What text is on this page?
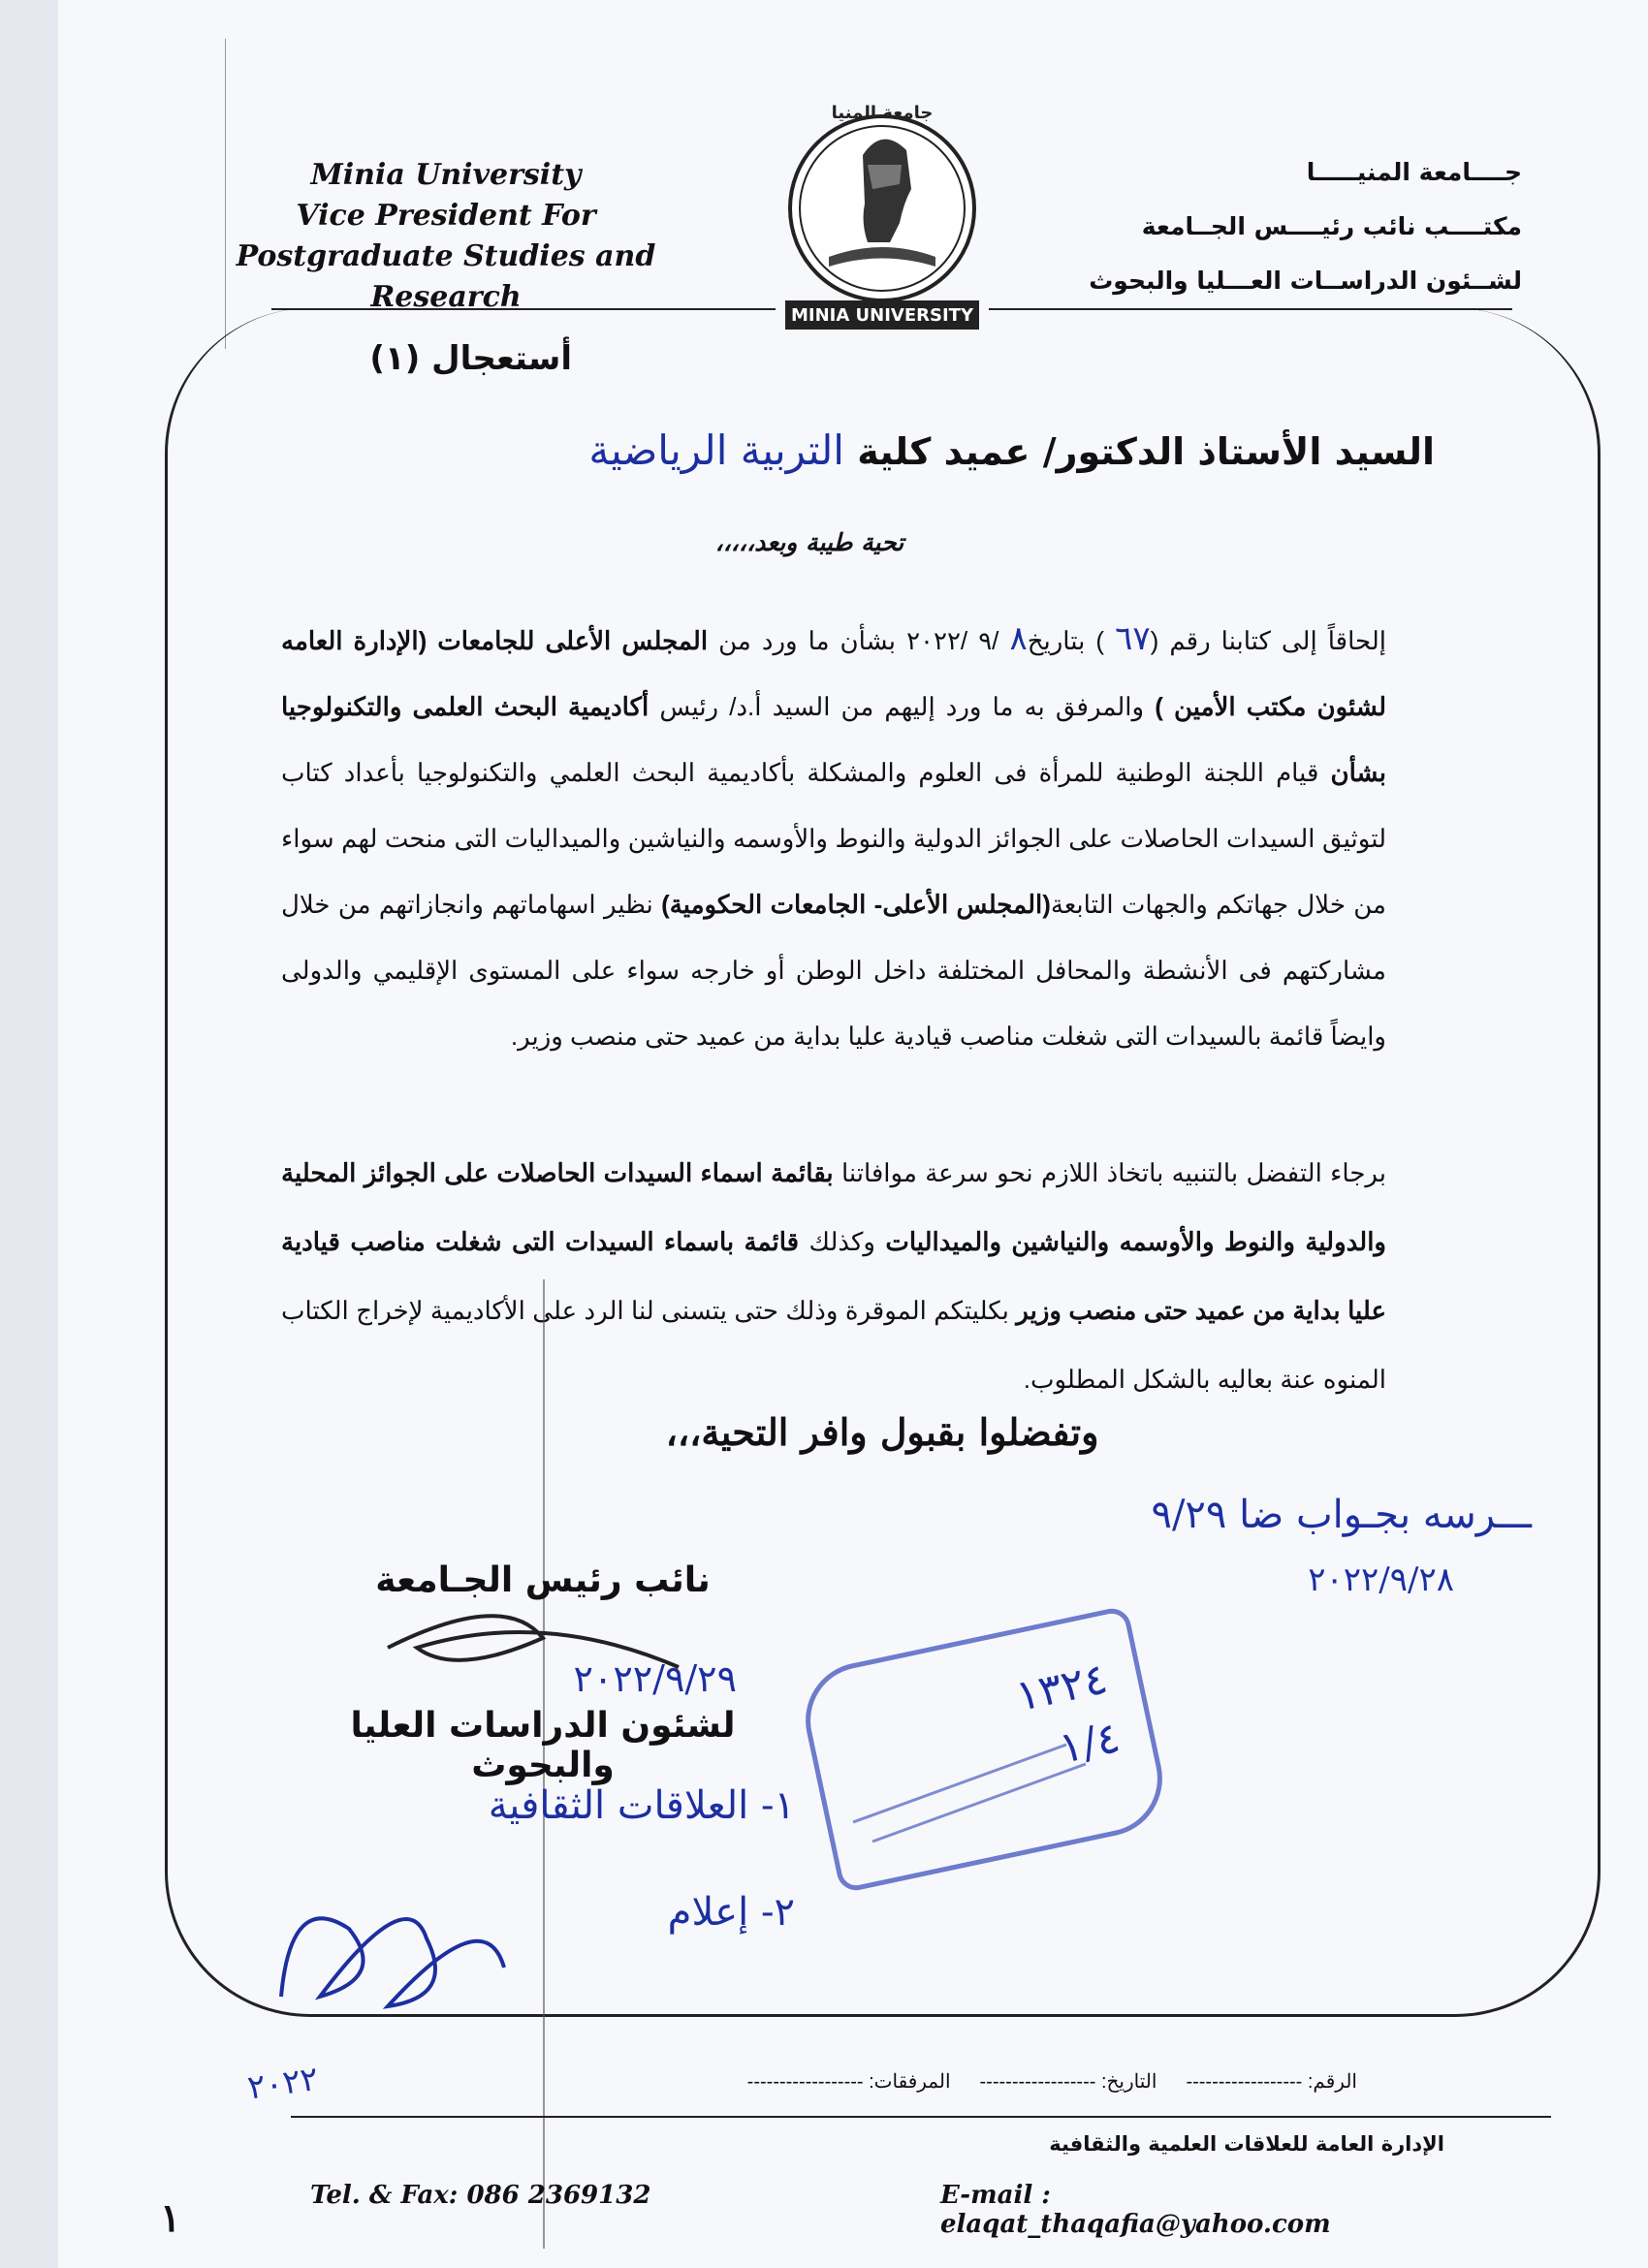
Minia University
Vice President For
Postgraduate Studies and Research
MINIA UNIVERSITY
جامعة المنيا
جــــامعة المنيـــــا
مكتــــب نائب رئيــــس الجــامعة
لشــئون الدراســات العـــليا والبحوث
أستعجال (١)
السيد الأستاذ الدكتور/ عميد كلية التربية الرياضية
تحية طيبة وبعد،،،،،
إلحاقاً إلى كتابنا رقم (٦٧ ) بتاريخ٨ /٩ /٢٠٢٢ بشأن ما ورد من المجلس الأعلى للجامعات (الإدارة العامه لشئون مكتب الأمين ) والمرفق به ما ورد إليهم من السيد أ.د/ رئيس أكاديمية البحث العلمى والتكنولوجيا بشأن قيام اللجنة الوطنية للمرأة فى العلوم والمشكلة بأكاديمية البحث العلمي والتكنولوجيا بأعداد كتاب لتوثيق السيدات الحاصلات على الجوائز الدولية والنوط والأوسمه والنياشين والميداليات التى منحت لهم سواء من خلال جهاتكم والجهات التابعة(المجلس الأعلى- الجامعات الحكومية) نظير اسهاماتهم وانجازاتهم من خلال مشاركتهم فى الأنشطة والمحافل المختلفة داخل الوطن أو خارجه سواء على المستوى الإقليمي والدولى وايضاً قائمة بالسيدات التى شغلت مناصب قيادية عليا بداية من عميد حتى منصب وزير.
برجاء التفضل بالتنبيه باتخاذ اللازم نحو سرعة موافاتنا بقائمة اسماء السيدات الحاصلات على الجوائز المحلية والدولية والنوط والأوسمه والنياشين والميداليات وكذلك قائمة باسماء السيدات التى شغلت مناصب قيادية عليا بداية من عميد حتى منصب وزير بكليتكم الموقرة وذلك حتى يتسنى لنا الرد على الأكاديمية لإخراج الكتاب المنوه عنة بعاليه بالشكل المطلوب.
وتفضلوا بقبول وافر التحية،،،
ـــرسه بجـواب ضا ٩/٢٩
٢٠٢٢/٩/٢٨
نائب رئيس الجـامعة
٢٠٢٢/٩/٢٩
لشئون الدراسات العليا والبحوث
١٣٢٤
١/٤
١- العلاقات الثقافية
٢- إعلام
٢٠٢٢	الرقم: ------------------
التاريخ: ------------------
المرفقات: ------------------
الإدارة العامة للعلاقات العلمية والثقافية
Tel. & Fax: 086 2369132	E-mail : elaqat_thaqafia@yahoo.com
١
